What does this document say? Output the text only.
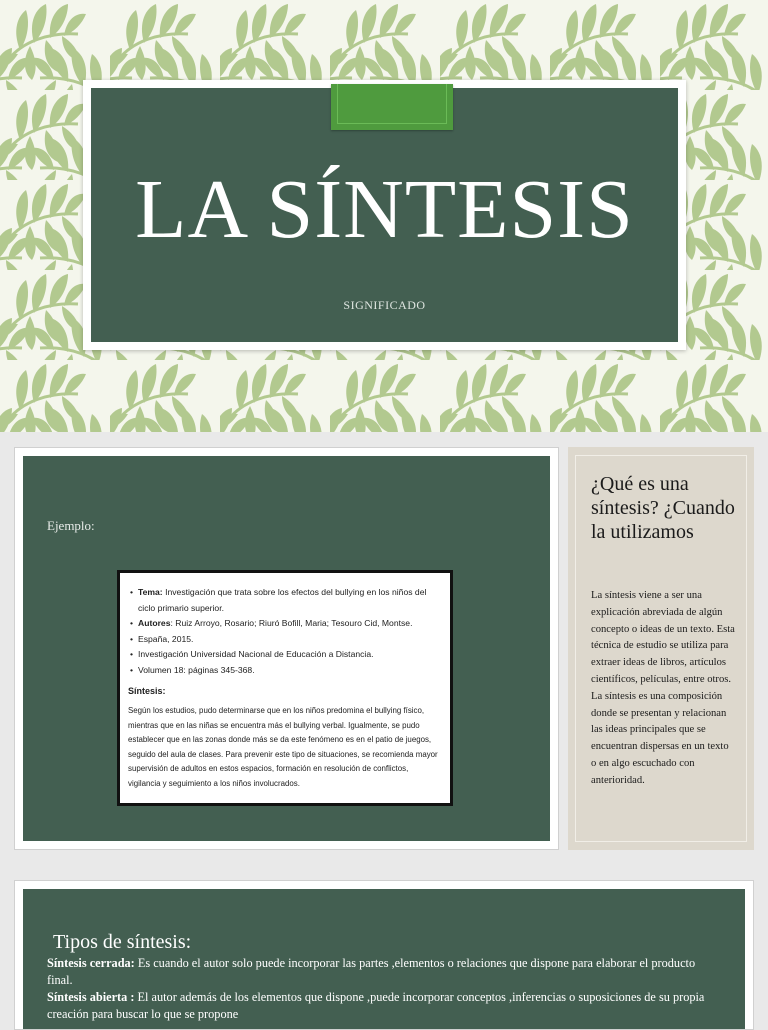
LA SÍNTESIS
SIGNIFICADO
Ejemplo:
• Tema: Investigación que trata sobre los efectos del bullying en los niños del ciclo primario superior.
• Autores: Ruiz Arroyo, Rosario; Riuró Bofill, Maria; Tesouro Cid, Montse.
• España, 2015.
• Investigación Universidad Nacional de Educación a Distancia.
• Volumen 18: páginas 345-368.
Síntesis:
Según los estudios, pudo determinarse que en los niños predomina el bullying físico, mientras que en las niñas se encuentra más el bullying verbal. Igualmente, se pudo establecer que en las zonas donde más se da este fenómeno es en el patio de juegos, seguido del aula de clases. Para prevenir este tipo de situaciones, se recomienda mayor supervisión de adultos en estos espacios, formación en resolución de conflictos, vigilancia y seguimiento a los niños involucrados.
¿Qué es una síntesis? ¿Cuando la utilizamos
La síntesis viene a ser una explicación abreviada de algún concepto o ideas de un texto. Esta técnica de estudio se utiliza para extraer ideas de libros, artículos científicos, películas, entre otros. La síntesis es una composición donde se presentan y relacionan las ideas principales que se encuentran dispersas en un texto o en algo escuchado con anterioridad.
Tipos de síntesis:
Síntesis cerrada: Es cuando el autor solo puede incorporar las partes ,elementos o relaciones que dispone para elaborar el producto final.
Síntesis abierta : El autor además de los elementos que dispone ,puede incorporar conceptos ,inferencias o suposiciones de su propia creación para buscar lo que se propone
